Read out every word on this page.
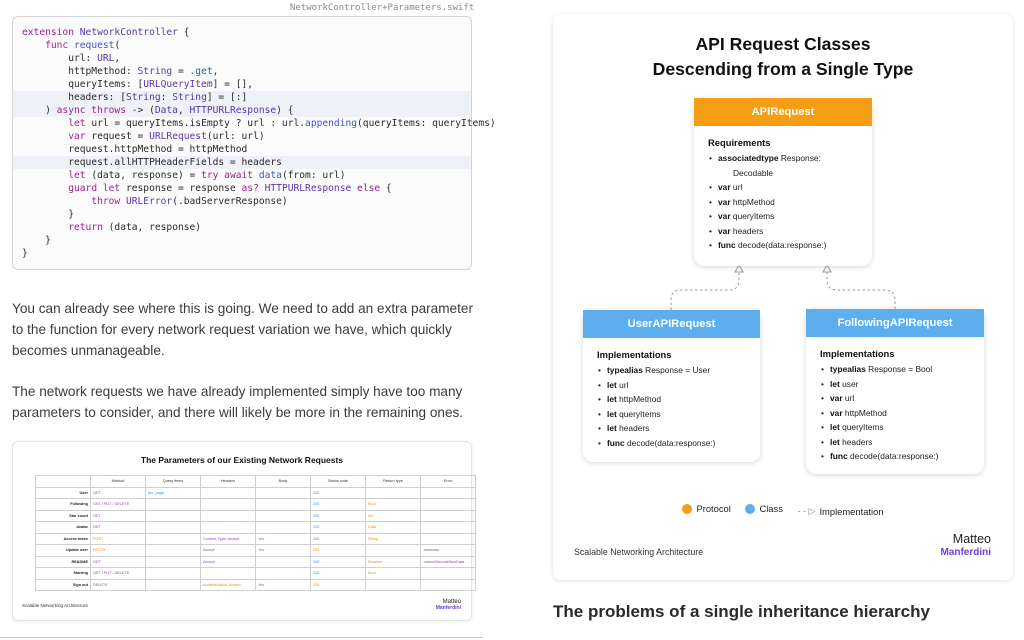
NetworkController+Parameters.swift
extension NetworkController {
func request(
url: URL,
httpMethod: String = .get,
queryItems: [URLQueryItem] = [],
headers: [String: String] = [:]
) async throws -> (Data, HTTPURLResponse) {
let url = queryItems.isEmpty ? url : url.appending(queryItems: queryItems)
var request = URLRequest(url: url)
request.httpMethod = httpMethod
request.allHTTPHeaderFields = headers
let (data, response) = try await data(from: url)
guard let response = response as? HTTPURLResponse else {
throw URLError(.badServerResponse)
}
return (data, response)
}
}

You can already see where this is going. We need to add an extra parameter to the function for every network request variation we have, which quickly becomes unmanageable.

The network requests we have already implemented simply have too many parameters to consider, and there will likely be more in the remaining ones.

The Parameters of our Existing Network Requests
	Method	Query items	Headers	Body	Status code	Return type	Error
User	GET	per_page			200		
Following	GET / PUT / DELETE				204	Bool	
Star count	GET				200	Int?	
Avatar	GET				200	Data	
Access token	POST		Content-Type, Accept	Yes	200	String	
Update user	PATCH		Accept	Yes	204		.unknown
README	GET		Accept		200	Readme	.cannotDecodeRawData
Starring	GET / PUT / DELETE				204	Bool	
Sign out	DELETE		Authentication, Accept	Yes	204		
Scalable Networking Architecture
Matteo
Manferdini
API Request Classes
Descending from a Single Type
APIRequest
Requirements
• associatedtype Response:
Decodable
• var url
• var httpMethod
• var queryItems
• var headers
• func decode(data:response:)
UserAPIRequest
Implementations
• typealias Response = User
• let url
• let httpMethod
• let queryItems
• let headers
• func decode(data:response:)
FollowingAPIRequest
Implementations
• typealias Response = Bool
• let user
• var url
• var httpMethod
• let queryItems
• let headers
• func decode(data:response:)
Protocol
	Class
- - ▷ Implementation
Scalable Networking Architecture
Matteo
Manferdini
The problems of a single inheritance hierarchy
